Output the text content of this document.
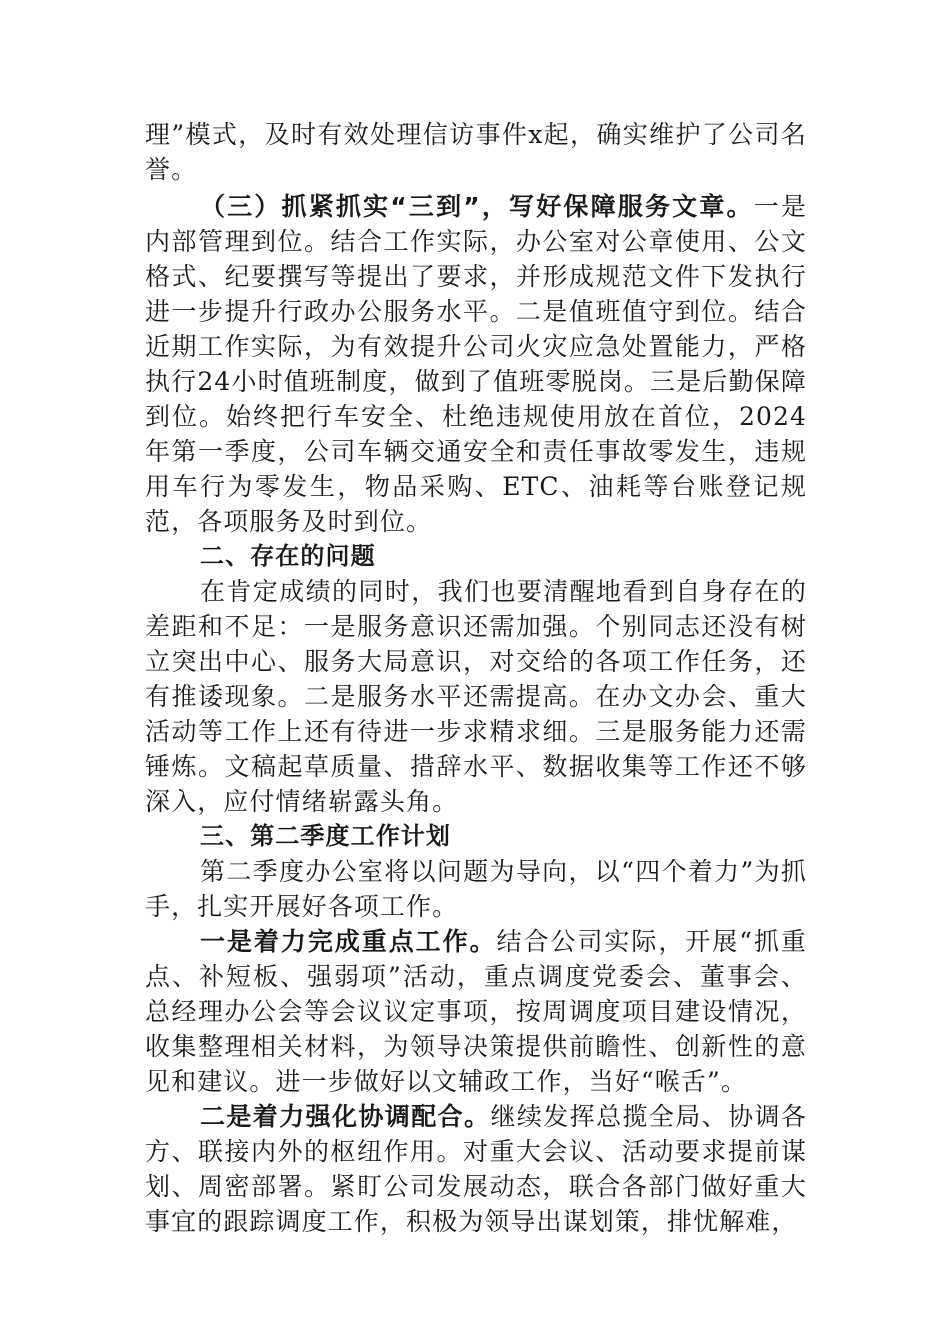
理”模式，及时有效处理信访事件x起，确实维护了公司名誉。

（三）抓紧抓实“三到”，写好保障服务文章。一是内部管理到位。结合工作实际，办公室对公章使用、公文格式、纪要撰写等提出了要求，并形成规范文件下发执行进一步提升行政办公服务水平。二是值班值守到位。结合近期工作实际，为有效提升公司火灾应急处置能力，严格执行24小时值班制度，做到了值班零脱岗。三是后勤保障到位。始终把行车安全、杜绝违规使用放在首位，2024年第一季度，公司车辆交通安全和责任事故零发生，违规用车行为零发生，物品采购、ETC、油耗等台账登记规范，各项服务及时到位。

二、存在的问题

在肯定成绩的同时，我们也要清醒地看到自身存在的差距和不足：一是服务意识还需加强。个别同志还没有树立突出中心、服务大局意识，对交给的各项工作任务，还有推诿现象。二是服务水平还需提高。在办文办会、重大活动等工作上还有待进一步求精求细。三是服务能力还需锤炼。文稿起草质量、措辞水平、数据收集等工作还不够深入，应付情绪崭露头角。

三、第二季度工作计划

第二季度办公室将以问题为导向，以“四个着力”为抓手，扎实开展好各项工作。

一是着力完成重点工作。结合公司实际，开展“抓重点、补短板、强弱项”活动，重点调度党委会、董事会、总经理办公会等会议议定事项，按周调度项目建设情况，收集整理相关材料，为领导决策提供前瞻性、创新性的意见和建议。进一步做好以文辅政工作，当好“喉舌”。

二是着力强化协调配合。继续发挥总揽全局、协调各方、联接内外的枢纽作用。对重大会议、活动要求提前谋划、周密部署。紧盯公司发展动态，联合各部门做好重大事宜的跟踪调度工作，积极为领导出谋划策，排忧解难，
